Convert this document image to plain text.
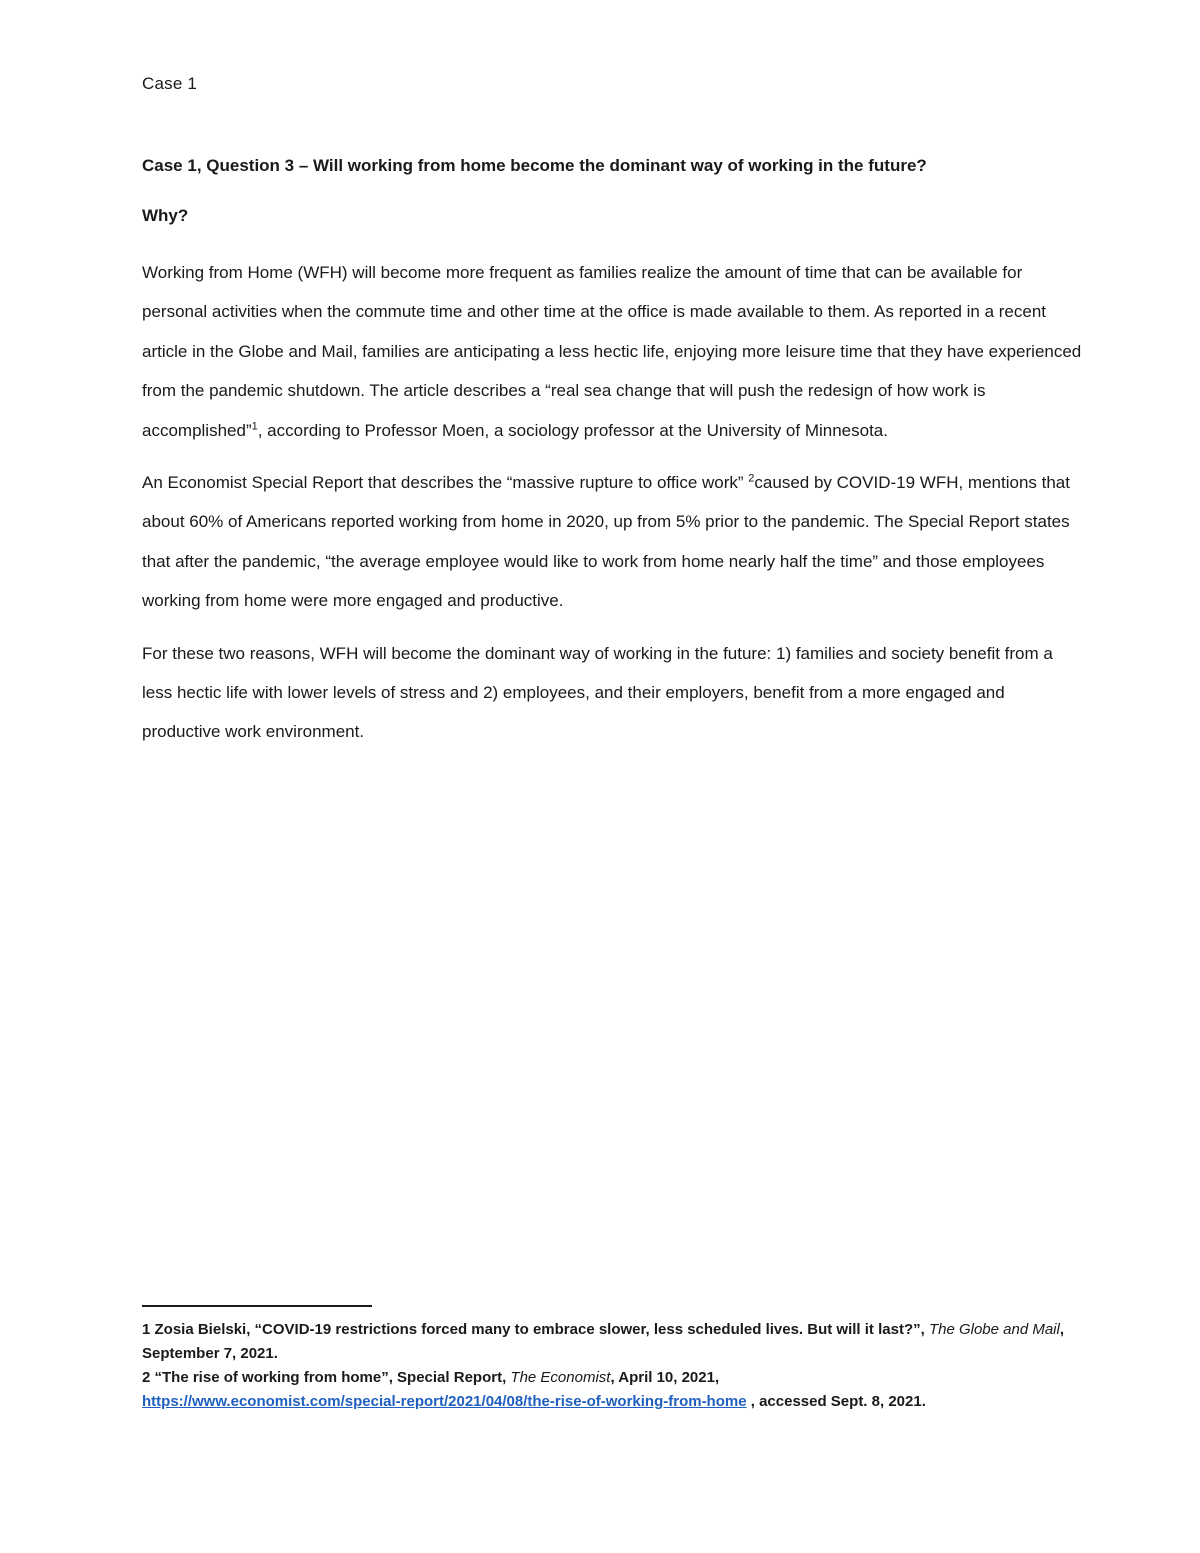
Case 1

Case 1, Question 3 – Will working from home become the dominant way of working in the future?

Why?

Working from Home (WFH) will become more frequent as families realize the amount of time that can be available for personal activities when the commute time and other time at the office is made available to them. As reported in a recent article in the Globe and Mail, families are anticipating a less hectic life, enjoying more leisure time that they have experienced from the pandemic shutdown. The article describes a “real sea change that will push the redesign of how work is accomplished”$^1$, according to Professor Moen, a sociology professor at the University of Minnesota.

An Economist Special Report that describes the “massive rupture to office work” $^2$caused by COVID-19 WFH, mentions that about 60% of Americans reported working from home in 2020, up from 5% prior to the pandemic. The Special Report states that after the pandemic, “the average employee would like to work from home nearly half the time” and those employees working from home were more engaged and productive.

For these two reasons, WFH will become the dominant way of working in the future: 1) families and society benefit from a less hectic life with lower levels of stress and 2) employees, and their employers, benefit from a more engaged and productive work environment.

1 Zosia Bielski, “COVID-19 restrictions forced many to embrace slower, less scheduled lives. But will it last?”, The Globe and Mail, September 7, 2021.

2 “The rise of working from home”, Special Report, The Economist, April 10, 2021,
https://www.economist.com/special-report/2021/04/08/the-rise-of-working-from-home , accessed Sept. 8, 2021.
